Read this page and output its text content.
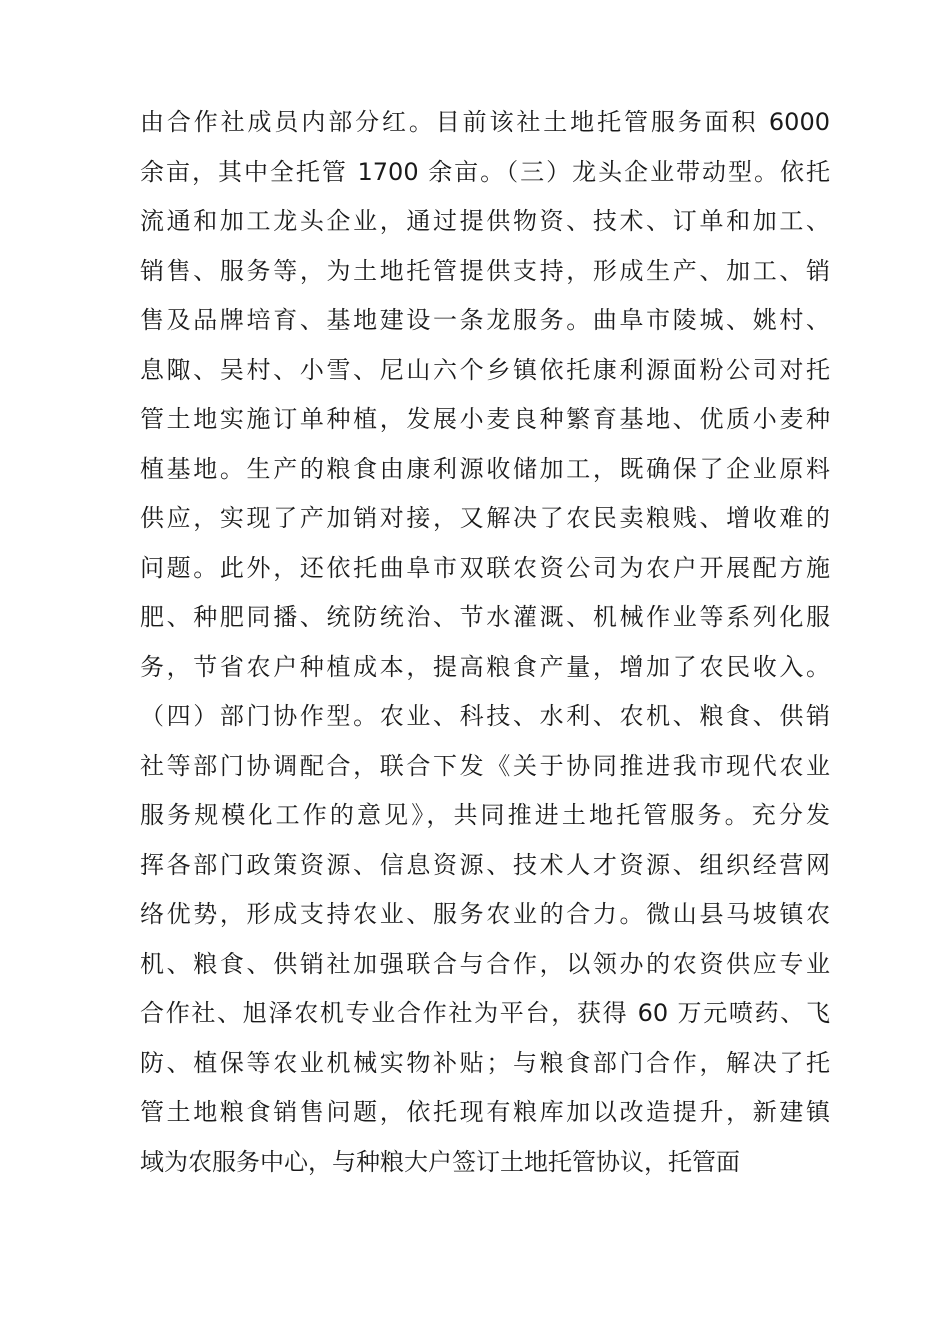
由合作社成员内部分红。目前该社土地托管服务面积 6000
余亩，其中全托管 1700 余亩。（三）龙头企业带动型。依托
流通和加工龙头企业，通过提供物资、技术、订单和加工、
销售、服务等，为土地托管提供支持，形成生产、加工、销
售及品牌培育、基地建设一条龙服务。曲阜市陵城、姚村、
息陬、吴村、小雪、尼山六个乡镇依托康利源面粉公司对托
管土地实施订单种植，发展小麦良种繁育基地、优质小麦种
植基地。生产的粮食由康利源收储加工，既确保了企业原料
供应，实现了产加销对接，又解决了农民卖粮贱、增收难的
问题。此外，还依托曲阜市双联农资公司为农户开展配方施
肥、种肥同播、统防统治、节水灌溉、机械作业等系列化服
务，节省农户种植成本，提高粮食产量，增加了农民收入。
（四）部门协作型。农业、科技、水利、农机、粮食、供销
社等部门协调配合，联合下发《关于协同推进我市现代农业
服务规模化工作的意见》，共同推进土地托管服务。充分发
挥各部门政策资源、信息资源、技术人才资源、组织经营网
络优势，形成支持农业、服务农业的合力。微山县马坡镇农
机、粮食、供销社加强联合与合作，以领办的农资供应专业
合作社、旭泽农机专业合作社为平台，获得 60 万元喷药、飞
防、植保等农业机械实物补贴；与粮食部门合作，解决了托
管土地粮食销售问题，依托现有粮库加以改造提升，新建镇
域为农服务中心，与种粮大户签订土地托管协议，托管面
